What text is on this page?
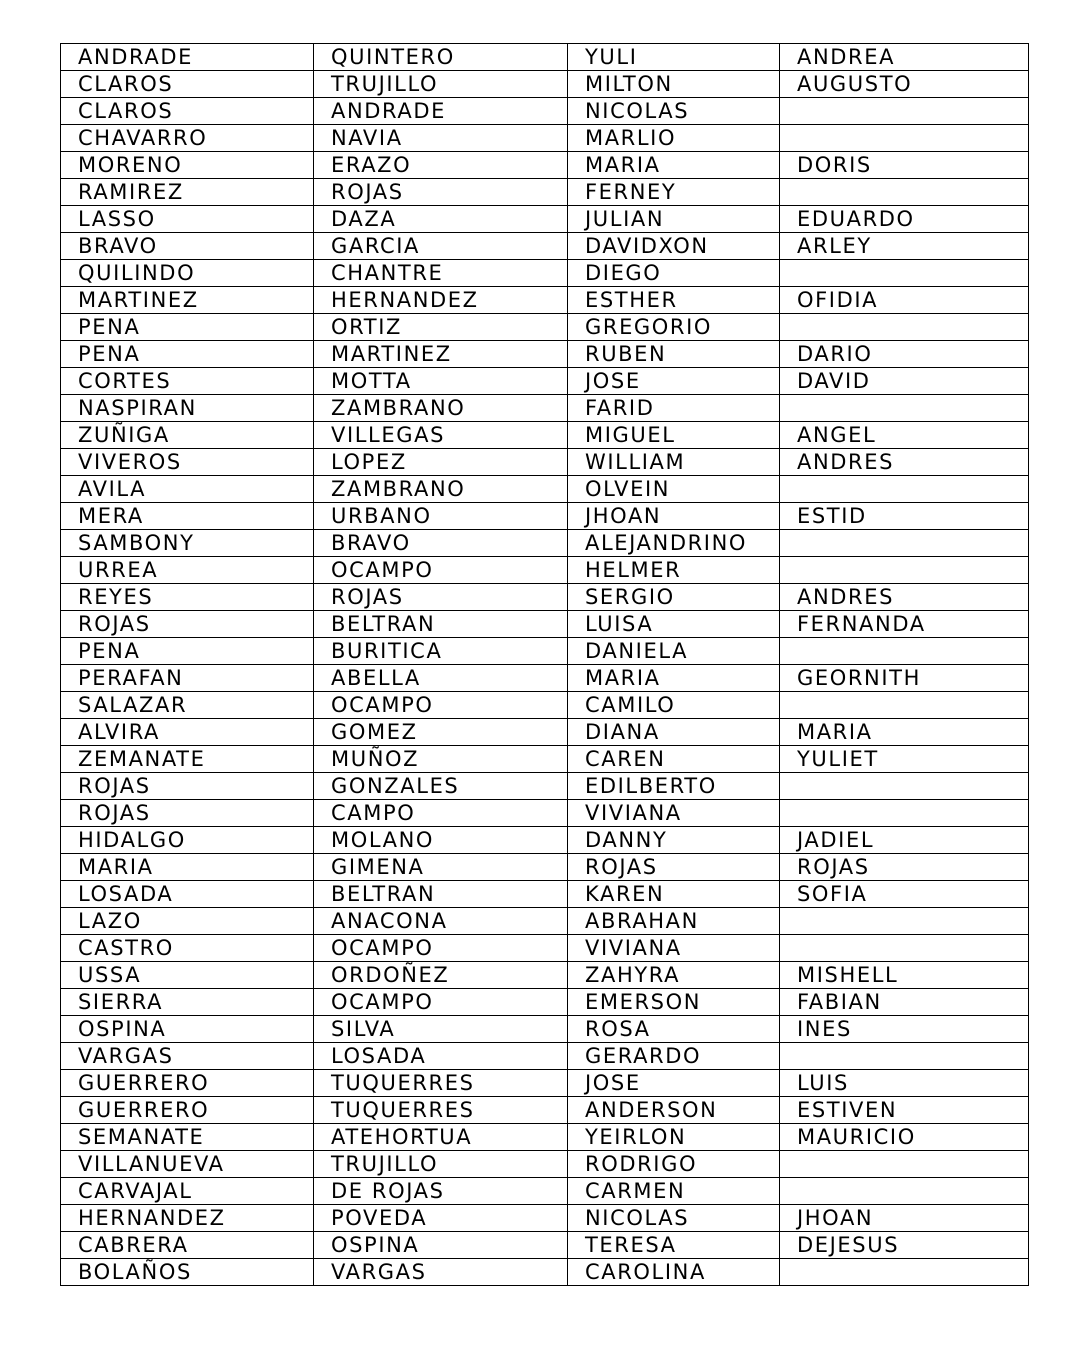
ANDRADE	QUINTERO	YULI	ANDREA
CLAROS	TRUJILLO	MILTON	AUGUSTO
CLAROS	ANDRADE	NICOLAS	
CHAVARRO	NAVIA	MARLIO	
MORENO	ERAZO	MARIA	DORIS
RAMIREZ	ROJAS	FERNEY	
LASSO	DAZA	JULIAN	EDUARDO
BRAVO	GARCIA	DAVIDXON	ARLEY
QUILINDO	CHANTRE	DIEGO	
MARTINEZ	HERNANDEZ	ESTHER	OFIDIA
PENA	ORTIZ	GREGORIO	
PENA	MARTINEZ	RUBEN	DARIO
CORTES	MOTTA	JOSE	DAVID
NASPIRAN	ZAMBRANO	FARID	
ZUÑIGA	VILLEGAS	MIGUEL	ANGEL
VIVEROS	LOPEZ	WILLIAM	ANDRES
AVILA	ZAMBRANO	OLVEIN	
MERA	URBANO	JHOAN	ESTID
SAMBONY	BRAVO	ALEJANDRINO	
URREA	OCAMPO	HELMER	
REYES	ROJAS	SERGIO	ANDRES
ROJAS	BELTRAN	LUISA	FERNANDA
PENA	BURITICA	DANIELA	
PERAFAN	ABELLA	MARIA	GEORNITH
SALAZAR	OCAMPO	CAMILO	
ALVIRA	GOMEZ	DIANA	MARIA
ZEMANATE	MUÑOZ	CAREN	YULIET
ROJAS	GONZALES	EDILBERTO	
ROJAS	CAMPO	VIVIANA	
HIDALGO	MOLANO	DANNY	JADIEL
MARIA	GIMENA	ROJAS	ROJAS
LOSADA	BELTRAN	KAREN	SOFIA
LAZO	ANACONA	ABRAHAN	
CASTRO	OCAMPO	VIVIANA	
USSA	ORDOÑEZ	ZAHYRA	MISHELL
SIERRA	OCAMPO	EMERSON	FABIAN
OSPINA	SILVA	ROSA	INES
VARGAS	LOSADA	GERARDO	
GUERRERO	TUQUERRES	JOSE	LUIS
GUERRERO	TUQUERRES	ANDERSON	ESTIVEN
SEMANATE	ATEHORTUA	YEIRLON	MAURICIO
VILLANUEVA	TRUJILLO	RODRIGO	
CARVAJAL	DE ROJAS	CARMEN	
HERNANDEZ	POVEDA	NICOLAS	JHOAN
CABRERA	OSPINA	TERESA	DEJESUS
BOLAÑOS	VARGAS	CAROLINA	
